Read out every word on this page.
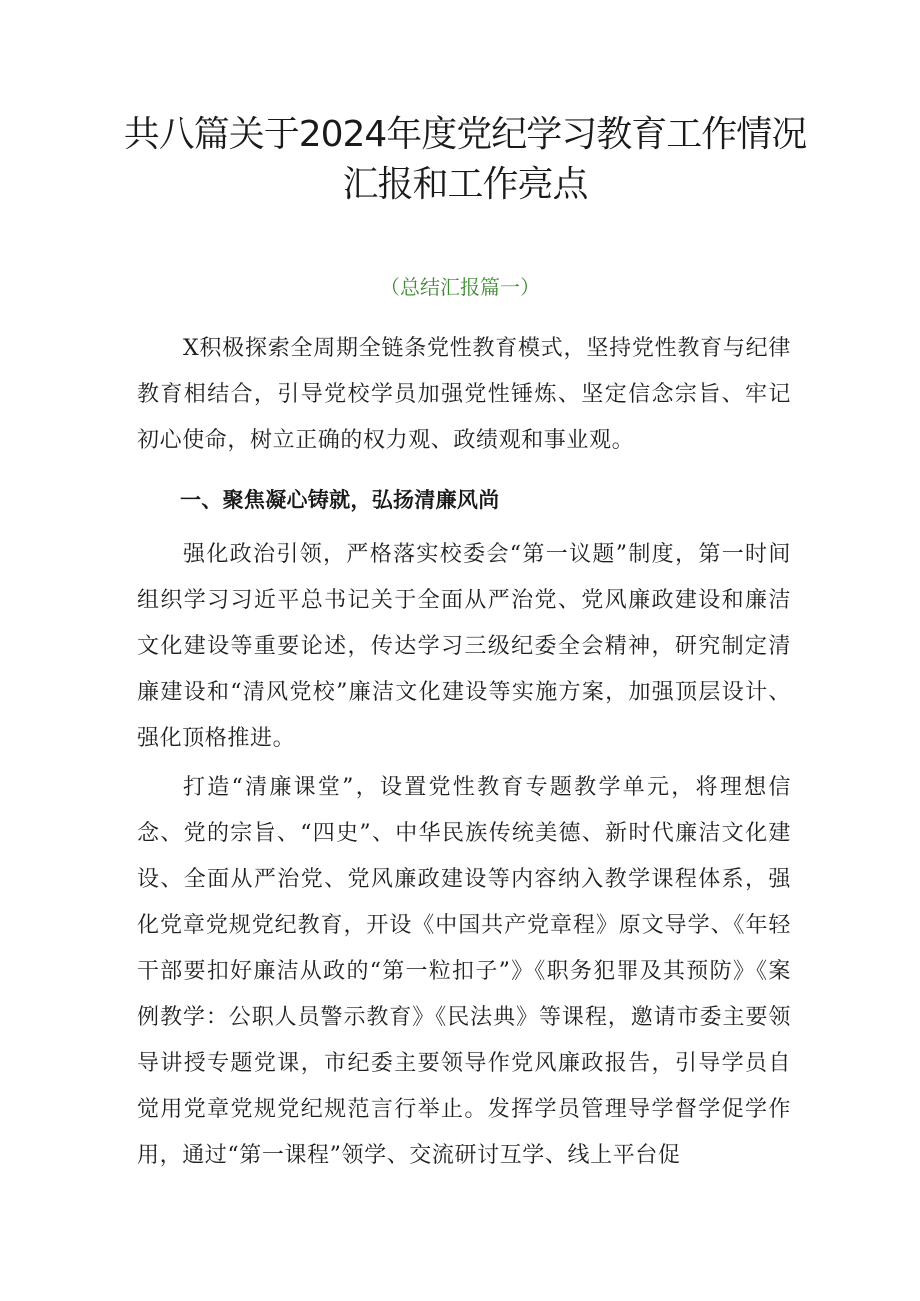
共八篇关于2024年度党纪学习教育工作情况汇报和工作亮点

（总结汇报篇一）

X积极探索全周期全链条党性教育模式，坚持党性教育与纪律教育相结合，引导党校学员加强党性锤炼、坚定信念宗旨、牢记初心使命，树立正确的权力观、政绩观和事业观。

一、聚焦凝心铸就，弘扬清廉风尚

强化政治引领，严格落实校委会“第一议题”制度，第一时间组织学习习近平总书记关于全面从严治党、党风廉政建设和廉洁文化建设等重要论述，传达学习三级纪委全会精神，研究制定清廉建设和“清风党校”廉洁文化建设等实施方案，加强顶层设计、强化顶格推进。

打造“清廉课堂”，设置党性教育专题教学单元，将理想信念、党的宗旨、“四史”、中华民族传统美德、新时代廉洁文化建设、全面从严治党、党风廉政建设等内容纳入教学课程体系，强化党章党规党纪教育，开设《中国共产党章程》原文导学、《年轻干部要扣好廉洁从政的“第一粒扣子”》《职务犯罪及其预防》《案例教学：公职人员警示教育》《民法典》等课程，邀请市委主要领导讲授专题党课，市纪委主要领导作党风廉政报告，引导学员自觉用党章党规党纪规范言行举止。发挥学员管理导学督学促学作用，通过“第一课程”领学、交流研讨互学、线上平台促
